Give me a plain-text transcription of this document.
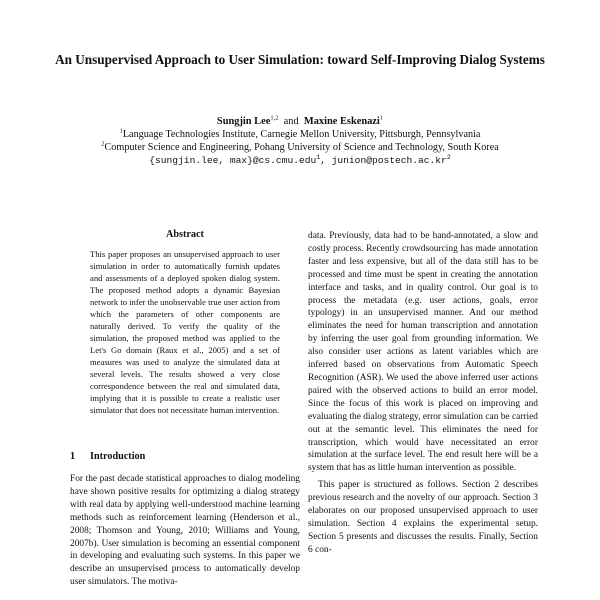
An Unsupervised Approach to User Simulation: toward Self-Improving Dialog Systems
Sungjin Lee$^{1,2}$ and Maxine Eskenazi$^1$
$^1$Language Technologies Institute, Carnegie Mellon University, Pittsburgh, Pennsylvania
$^2$Computer Science and Engineering, Pohang University of Science and Technology, South Korea
{sungjin.lee, max}@cs.cmu.edu$^1$, $junion@postech.ac.kr^2$
Abstract
This paper proposes an unsupervised approach to user simulation in order to automatically furnish updates and assessments of a deployed spoken dialog system. The proposed method adopts a dynamic Bayesian network to infer the unobservable true user action from which the parameters of other components are naturally derived. To verify the quality of the simulation, the proposed method was applied to the Let's Go domain (Raux et al., 2005) and a set of measures was used to analyze the simulated data at several levels. The results showed a very close correspondence between the real and simulated data, implying that it is possible to create a realistic user simulator that does not necessitate human intervention.
1 Introduction
For the past decade statistical approaches to dialog modeling have shown positive results for optimizing a dialog strategy with real data by applying well-understood machine learning methods such as reinforcement learning (Henderson et al., 2008; Thomson and Young, 2010; Williams and Young, 2007b). User simulation is becoming an essential component in developing and evaluating such systems. In this paper we describe an unsupervised process to automatically develop user simulators. The motiva-

data. Previously, data had to be hand-annotated, a slow and costly process. Recently crowdsourcing has made annotation faster and less expensive, but all of the data still has to be processed and time must be spent in creating the annotation interface and tasks, and in quality control. Our goal is to process the metadata (e.g. user actions, goals, error typology) in an unsupervised manner. And our method eliminates the need for human transcription and annotation by inferring the user goal from grounding information. We also consider user actions as latent variables which are inferred based on observations from Automatic Speech Recognition (ASR). We used the above inferred user actions paired with the observed actions to build an error model. Since the focus of this work is placed on improving and evaluating the dialog strategy, error simulation can be carried out at the semantic level. This eliminates the need for transcription, which would have necessitated an error simulation at the surface level. The end result here will be a system that has as little human intervention as possible.

This paper is structured as follows. Section 2 describes previous research and the novelty of our approach. Section 3 elaborates on our proposed unsupervised approach to user simulation. Section 4 explains the experimental setup. Section 5 presents and discusses the results. Finally, Section 6 con-
